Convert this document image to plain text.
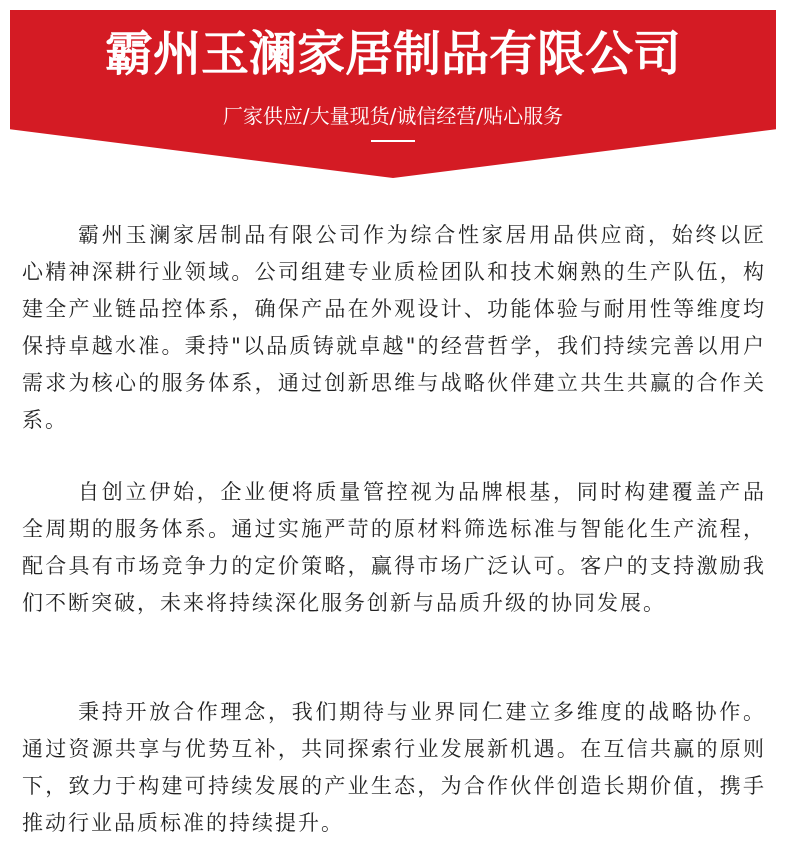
霸州玉澜家居制品有限公司
厂家供应/大量现货/诚信经营/贴心服务

霸州玉澜家居制品有限公司作为综合性家居用品供应商，始终以匠心精神深耕行业领域。公司组建专业质检团队和技术娴熟的生产队伍，构建全产业链品控体系，确保产品在外观设计、功能体验与耐用性等维度均保持卓越水准。秉持"以品质铸就卓越"的经营哲学，我们持续完善以用户需求为核心的服务体系，通过创新思维与战略伙伴建立共生共赢的合作关系。

自创立伊始，企业便将质量管控视为品牌根基，同时构建覆盖产品全周期的服务体系。通过实施严苛的原材料筛选标准与智能化生产流程，配合具有市场竞争力的定价策略，赢得市场广泛认可。客户的支持激励我们不断突破，未来将持续深化服务创新与品质升级的协同发展。

秉持开放合作理念，我们期待与业界同仁建立多维度的战略协作。通过资源共享与优势互补，共同探索行业发展新机遇。在互信共赢的原则下，致力于构建可持续发展的产业生态，为合作伙伴创造长期价值，携手推动行业品质标准的持续提升。
